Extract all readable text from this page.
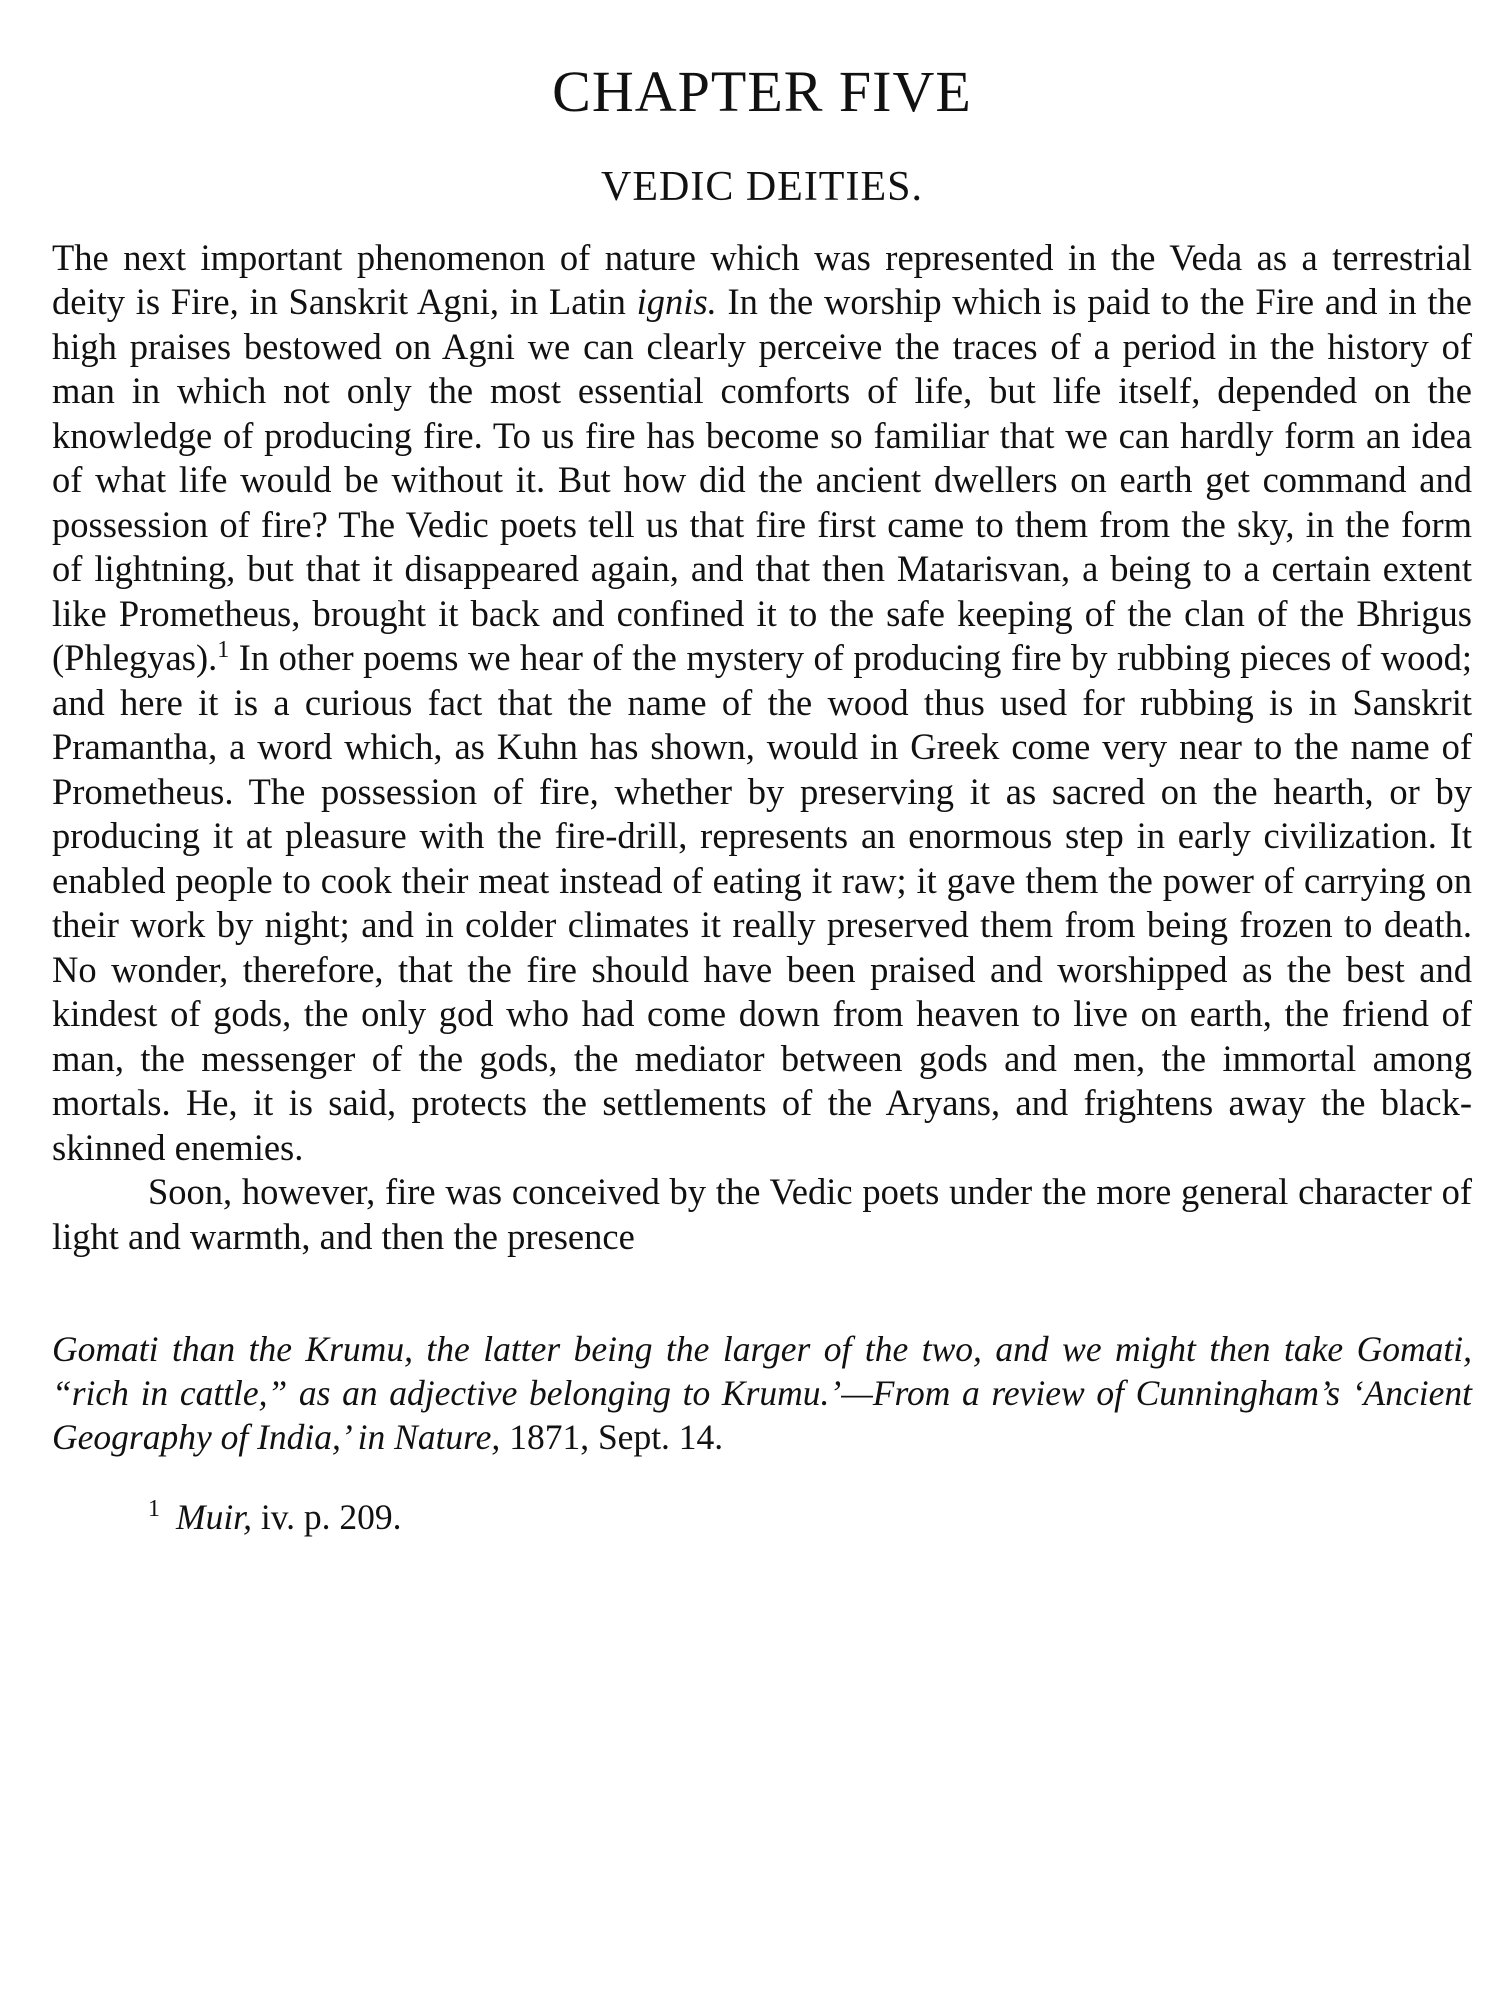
CHAPTER FIVE
VEDIC DEITIES.

The next important phenomenon of nature which was represented in the Veda as a terrestrial deity is Fire, in Sanskrit Agni, in Latin ignis. In the worship which is paid to the Fire and in the high praises bestowed on Agni we can clearly perceive the traces of a period in the history of man in which not only the most essential comforts of life, but life itself, depended on the knowledge of producing fire. To us fire has become so familiar that we can hardly form an idea of what life would be without it. But how did the ancient dwellers on earth get command and possession of fire? The Vedic poets tell us that fire first came to them from the sky, in the form of lightning, but that it disappeared again, and that then Matarisvan, a being to a certain extent like Prometheus, brought it back and confined it to the safe keeping of the clan of the Bhrigus (Phlegyas).$^1$ In other poems we hear of the mystery of producing fire by rubbing pieces of wood; and here it is a curious fact that the name of the wood thus used for rubbing is in Sanskrit Pramantha, a word which, as Kuhn has shown, would in Greek come very near to the name of Prometheus. The possession of fire, whether by preserving it as sacred on the hearth, or by producing it at pleasure with the fire-drill, represents an enormous step in early civilization. It enabled people to cook their meat instead of eating it raw; it gave them the power of carrying on their work by night; and in colder climates it really preserved them from being frozen to death. No wonder, therefore, that the fire should have been praised and worshipped as the best and kindest of gods, the only god who had come down from heaven to live on earth, the friend of man, the messenger of the gods, the mediator between gods and men, the immortal among mortals. He, it is said, protects the settlements of the Aryans, and frightens away the black-skinned enemies.

Soon, however, fire was conceived by the Vedic poets under the more general character of light and warmth, and then the presence

Gomati than the Krumu, the latter being the larger of the two, and we might then take Gomati, “rich in cattle,” as an adjective belonging to Krumu.’—From a review of Cunningham’s ‘Ancient Geography of India,’ in Nature, 1871, Sept. 14.

$^1$ Muir, iv. p. 209.
